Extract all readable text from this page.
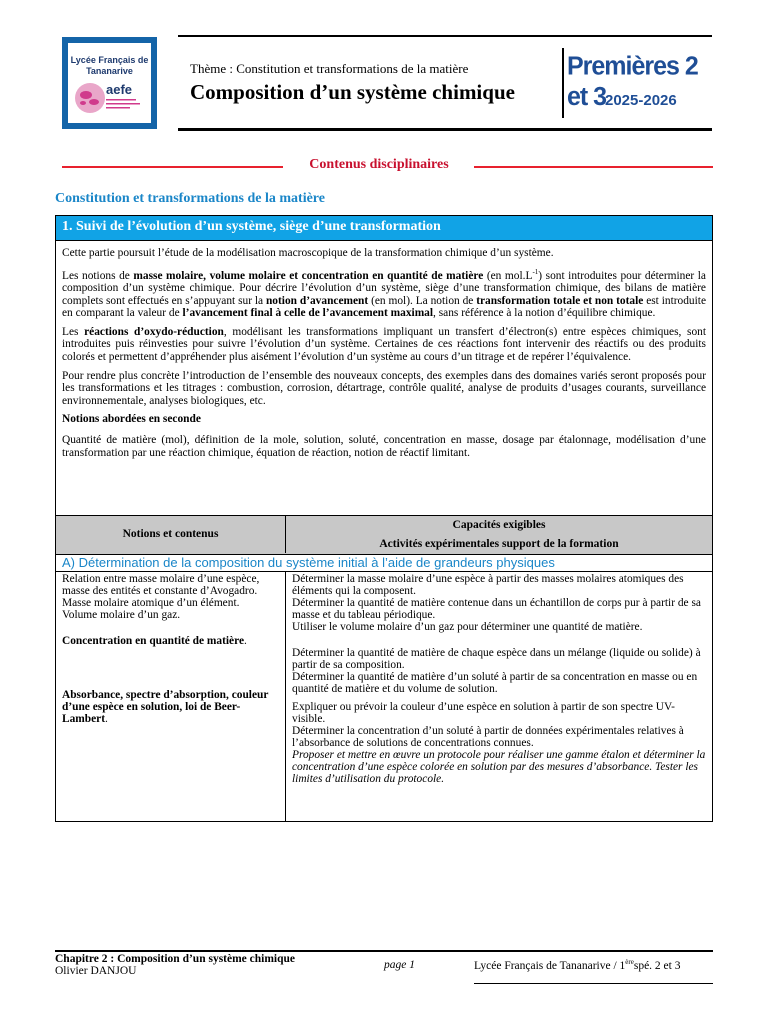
Lycée Français de Tananarive
aefe
Thème : Constitution et transformations de la matière
Composition d’un système chimique
Premières 2 et 3
2025-2026
Contenus disciplinaires
Constitution et transformations de la matière
1. Suivi de l’évolution d’un système, siège d’une transformation

Cette partie poursuit l’étude de la modélisation macroscopique de la transformation chimique d’un système.

Les notions de masse molaire, volume molaire et concentration en quantité de matière (en $mol.L^{-1}$) sont introduites pour déterminer la composition d’un système chimique. Pour décrire l’évolution d’un système, siège d’une transformation chimique, des bilans de matière complets sont effectués en s’appuyant sur la notion d’avancement (en mol). La notion de transformation totale et non totale est introduite en comparant la valeur de l’avancement final à celle de l’avancement maximal, sans référence à la notion d’équilibre chimique.

Les réactions d’oxydo-réduction, modélisant les transformations impliquant un transfert d’électron(s) entre espèces chimiques, sont introduites puis réinvesties pour suivre l’évolution d’un système. Certaines de ces réactions font intervenir des réactifs ou des produits colorés et permettent d’appréhender plus aisément l’évolution d’un système au cours d’un titrage et de repérer l’équivalence.

Pour rendre plus concrète l’introduction de l’ensemble des nouveaux concepts, des exemples dans des domaines variés seront proposés pour les transformations et les titrages : combustion, corrosion, détartrage, contrôle qualité, analyse de produits d’usages courants, surveillance environnementale, analyses biologiques, etc.

Notions abordées en seconde

Quantité de matière (mol), définition de la mole, solution, soluté, concentration en masse, dosage par étalonnage, modélisation d’une transformation par une réaction chimique, équation de réaction, notion de réactif limitant.

Notions et contenus
Capacités exigibles
Activités expérimentales support de la formation
A) Détermination de la composition du système initial à l’aide de grandeurs physiques

Relation entre masse molaire d’une espèce, masse des entités et constante d’Avogadro.

Masse molaire atomique d’un élément.

Volume molaire d’un gaz.

Concentration en quantité de matière.

Absorbance, spectre d’absorption, couleur d’une espèce en solution, loi de Beer-Lambert.

Déterminer la masse molaire d’une espèce à partir des masses molaires atomiques des éléments qui la composent.

Déterminer la quantité de matière contenue dans un échantillon de corps pur à partir de sa masse et du tableau périodique.

Utiliser le volume molaire d’un gaz pour déterminer une quantité de matière.

Déterminer la quantité de matière de chaque espèce dans un mélange (liquide ou solide) à partir de sa composition.

Déterminer la quantité de matière d’un soluté à partir de sa concentration en masse ou en quantité de matière et du volume de solution.

Expliquer ou prévoir la couleur d’une espèce en solution à partir de son spectre UV-visible.

Déterminer la concentration d’un soluté à partir de données expérimentales relatives à l’absorbance de solutions de concentrations connues.

Proposer et mettre en œuvre un protocole pour réaliser une gamme étalon et déterminer la concentration d’une espèce colorée en solution par des mesures d’absorbance. Tester les limites d’utilisation du protocole.

Chapitre 2 : Composition d’un système chimique
Olivier DANJOU	page 1	Lycée Français de Tananarive / 1èrespé. 2 et 3
